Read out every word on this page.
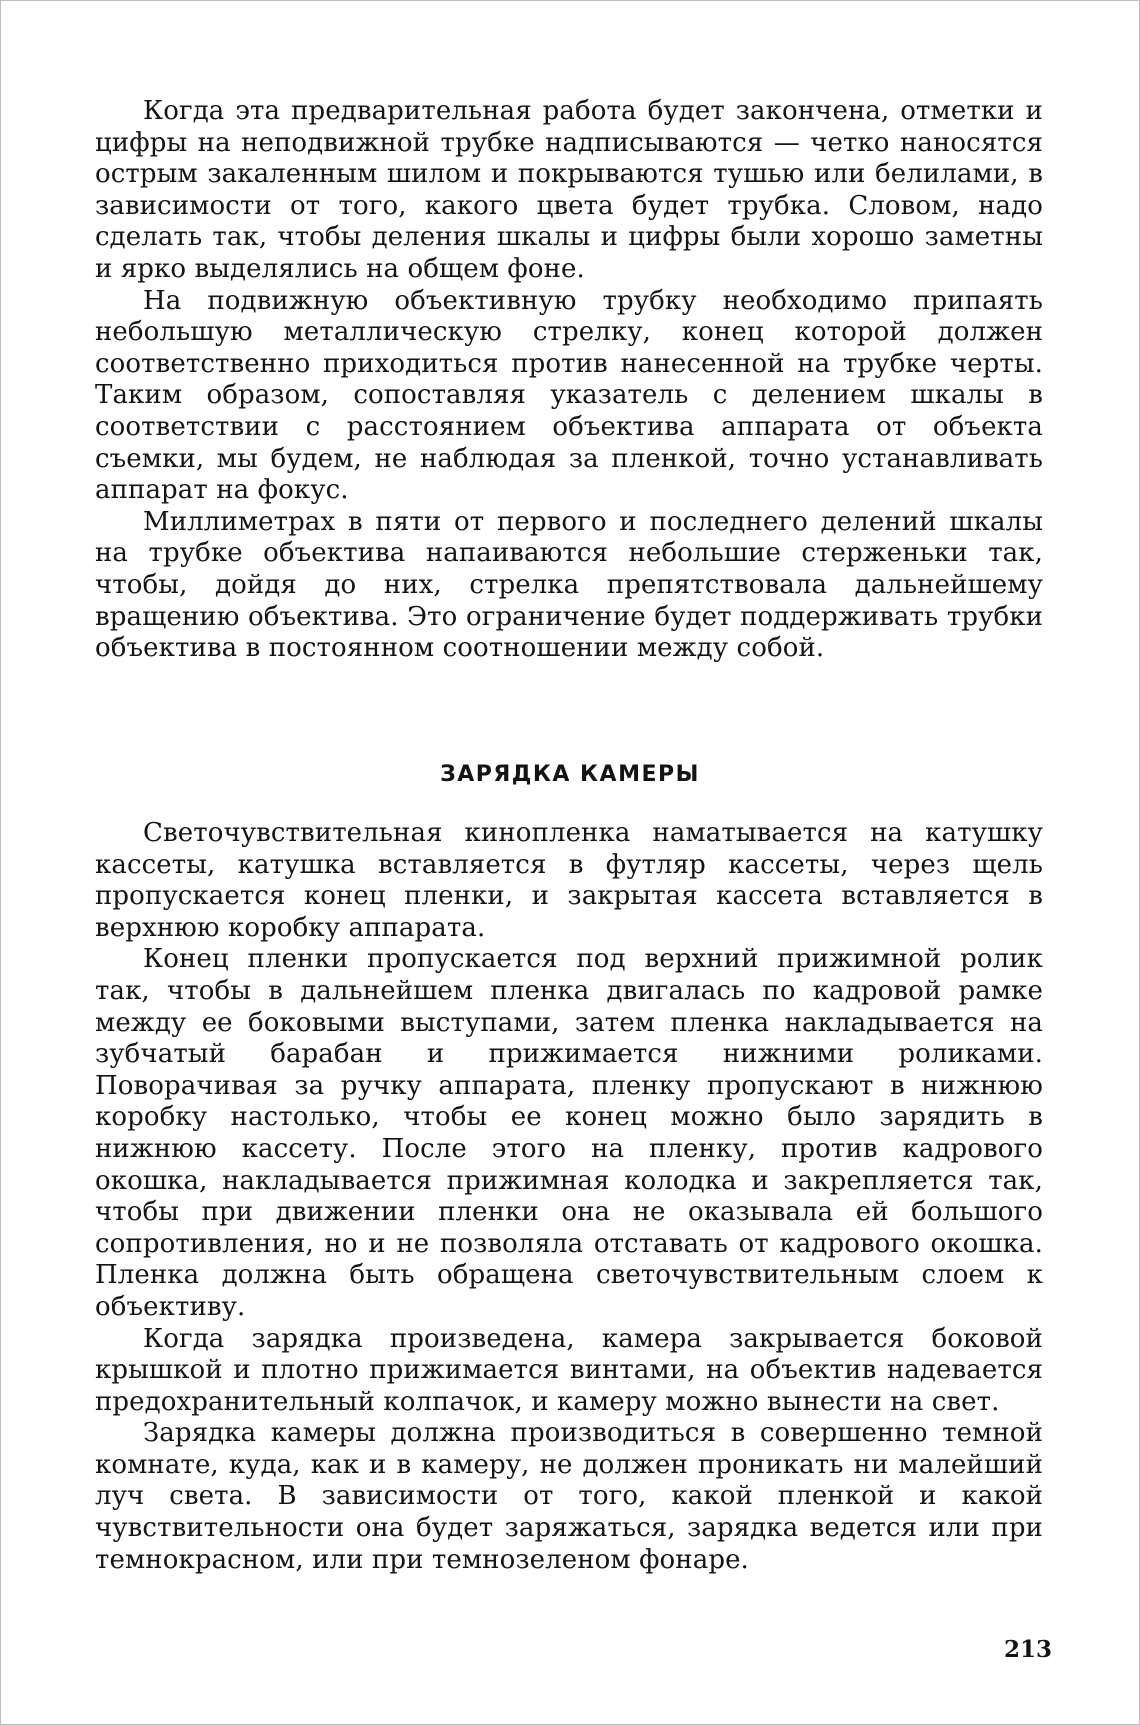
Когда эта предварительная работа будет закончена, отметки и цифры на неподвижной трубке надписываются — четко наносятся острым закаленным шилом и покрываются тушью или белилами, в зависимости от того, какого цвета будет трубка. Словом, надо сделать так, чтобы деления шкалы и цифры были хорошо заметны и ярко выделялись на общем фоне.

На подвижную объективную трубку необходимо припаять небольшую металлическую стрелку, конец которой должен соответственно приходиться против нанесенной на трубке черты. Таким образом, сопоставляя указатель с делением шкалы в соответствии с расстоянием объектива аппарата от объекта съемки, мы будем, не наблюдая за пленкой, точно устанавливать аппарат на фокус.

Миллиметрах в пяти от первого и последнего делений шкалы на трубке объектива напаиваются небольшие стерженьки так, чтобы, дойдя до них, стрелка препятствовала дальнейшему вращению объектива. Это ограничение будет поддерживать трубки объектива в постоянном соотношении между собой.

ЗАРЯДКА КАМЕРЫ

Светочувствительная кинопленка наматывается на катушку кассеты, катушка вставляется в футляр кассеты, через щель пропускается конец пленки, и закрытая кассета вставляется в верхнюю коробку аппарата.

Конец пленки пропускается под верхний прижимной ролик так, чтобы в дальнейшем пленка двигалась по кадровой рамке между ее боковыми выступами, затем пленка накладывается на зубчатый барабан и прижимается нижними роликами. Поворачивая за ручку аппарата, пленку пропускают в нижнюю коробку настолько, чтобы ее конец можно было зарядить в нижнюю кассету. После этого на пленку, против кадрового окошка, накладывается прижимная колодка и закрепляется так, чтобы при движении пленки она не оказывала ей большого сопротивления, но и не позволяла отставать от кадрового окошка. Пленка должна быть обращена светочувствительным слоем к объективу.

Когда зарядка произведена, камера закрывается боковой крышкой и плотно прижимается винтами, на объектив надевается предохранительный колпачок, и камеру можно вынести на свет.

Зарядка камеры должна производиться в совершенно темной комнате, куда, как и в камеру, не должен проникать ни малейший луч света. В зависимости от того, какой пленкой и какой чувствительности она будет заряжаться, зарядка ведется или при темнокрасном, или при темнозеленом фонаре.

213
